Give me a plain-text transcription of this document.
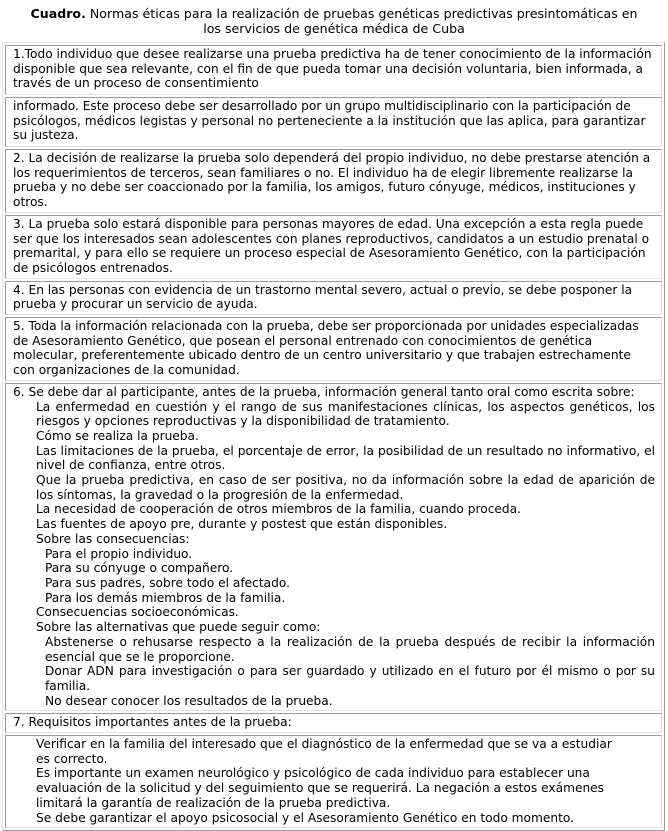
Cuadro. Normas éticas para la realización de pruebas genéticas predictivas presintomáticas en los servicios de genética médica de Cuba
1.Todo individuo que desee realizarse una prueba predictiva ha de tener conocimiento de la información disponible que sea relevante, con el fin de que pueda tomar una decisión voluntaria, bien informada, a través de un proceso de consentimiento
informado. Este proceso debe ser desarrollado por un grupo multidisciplinario con la participación de psicólogos, médicos legistas y personal no perteneciente a la institución que las aplica, para garantizar su justeza.
2. La decisión de realizarse la prueba solo dependerá del propio individuo, no debe prestarse atención a los requerimientos de terceros, sean familiares o no. El individuo ha de elegir libremente realizarse la prueba y no debe ser coaccionado por la familia, los amigos, futuro cónyuge, médicos, instituciones y otros.
3. La prueba solo estará disponible para personas mayores de edad. Una excepción a esta regla puede ser que los interesados sean adolescentes con planes reproductivos, candidatos a un estudio prenatal o premarital, y para ello se requiere un proceso especial de Asesoramiento Genético, con la participación de psicólogos entrenados.
4. En las personas con evidencia de un trastorno mental severo, actual o previo, se debe posponer la prueba y procurar un servicio de ayuda.
5. Toda la información relacionada con la prueba, debe ser proporcionada por unidades especializadas de Asesoramiento Genético, que posean el personal entrenado con conocimientos de genética molecular, preferentemente ubicado dentro de un centro universitario y que trabajen estrechamente con organizaciones de la comunidad.

6. Se debe dar al participante, antes de la prueba, información general tanto oral como escrita sobre:
La enfermedad en cuestión y el rango de sus manifestaciones clínicas, los aspectos genéticos, los riesgos y opciones reproductivas y la disponibilidad de tratamiento.
Cómo se realiza la prueba.
Las limitaciones de la prueba, el porcentaje de error, la posibilidad de un resultado no informativo, el nivel de confianza, entre otros.
Que la prueba predictiva, en caso de ser positiva, no da información sobre la edad de aparición de los síntomas, la gravedad o la progresión de la enfermedad.
La necesidad de cooperación de otros miembros de la familia, cuando proceda.
Las fuentes de apoyo pre, durante y postest que están disponibles.
Sobre las consecuencias:
Para el propio individuo.
Para su cónyuge o compañero.
Para sus padres, sobre todo el afectado.
Para los demás miembros de la familia.
Consecuencias socioeconómicas.
Sobre las alternativas que puede seguir como:
Abstenerse o rehusarse respecto a la realización de la prueba después de recibir la información esencial que se le proporcione.
Donar ADN para investigación o para ser guardado y utilizado en el futuro por él mismo o por su familia.
No desear conocer los resultados de la prueba.

7. Requisitos importantes antes de la prueba:

Verificar en la familia del interesado que el diagnóstico de la enfermedad que se va a estudiar es correcto.
Es importante un examen neurológico y psicológico de cada individuo para establecer una evaluación de la solicitud y del seguimiento que se requerirá. La negación a estos exámenes limitará la garantía de realización de la prueba predictiva.
Se debe garantizar el apoyo psicosocial y el Asesoramiento Genético en todo momento.
